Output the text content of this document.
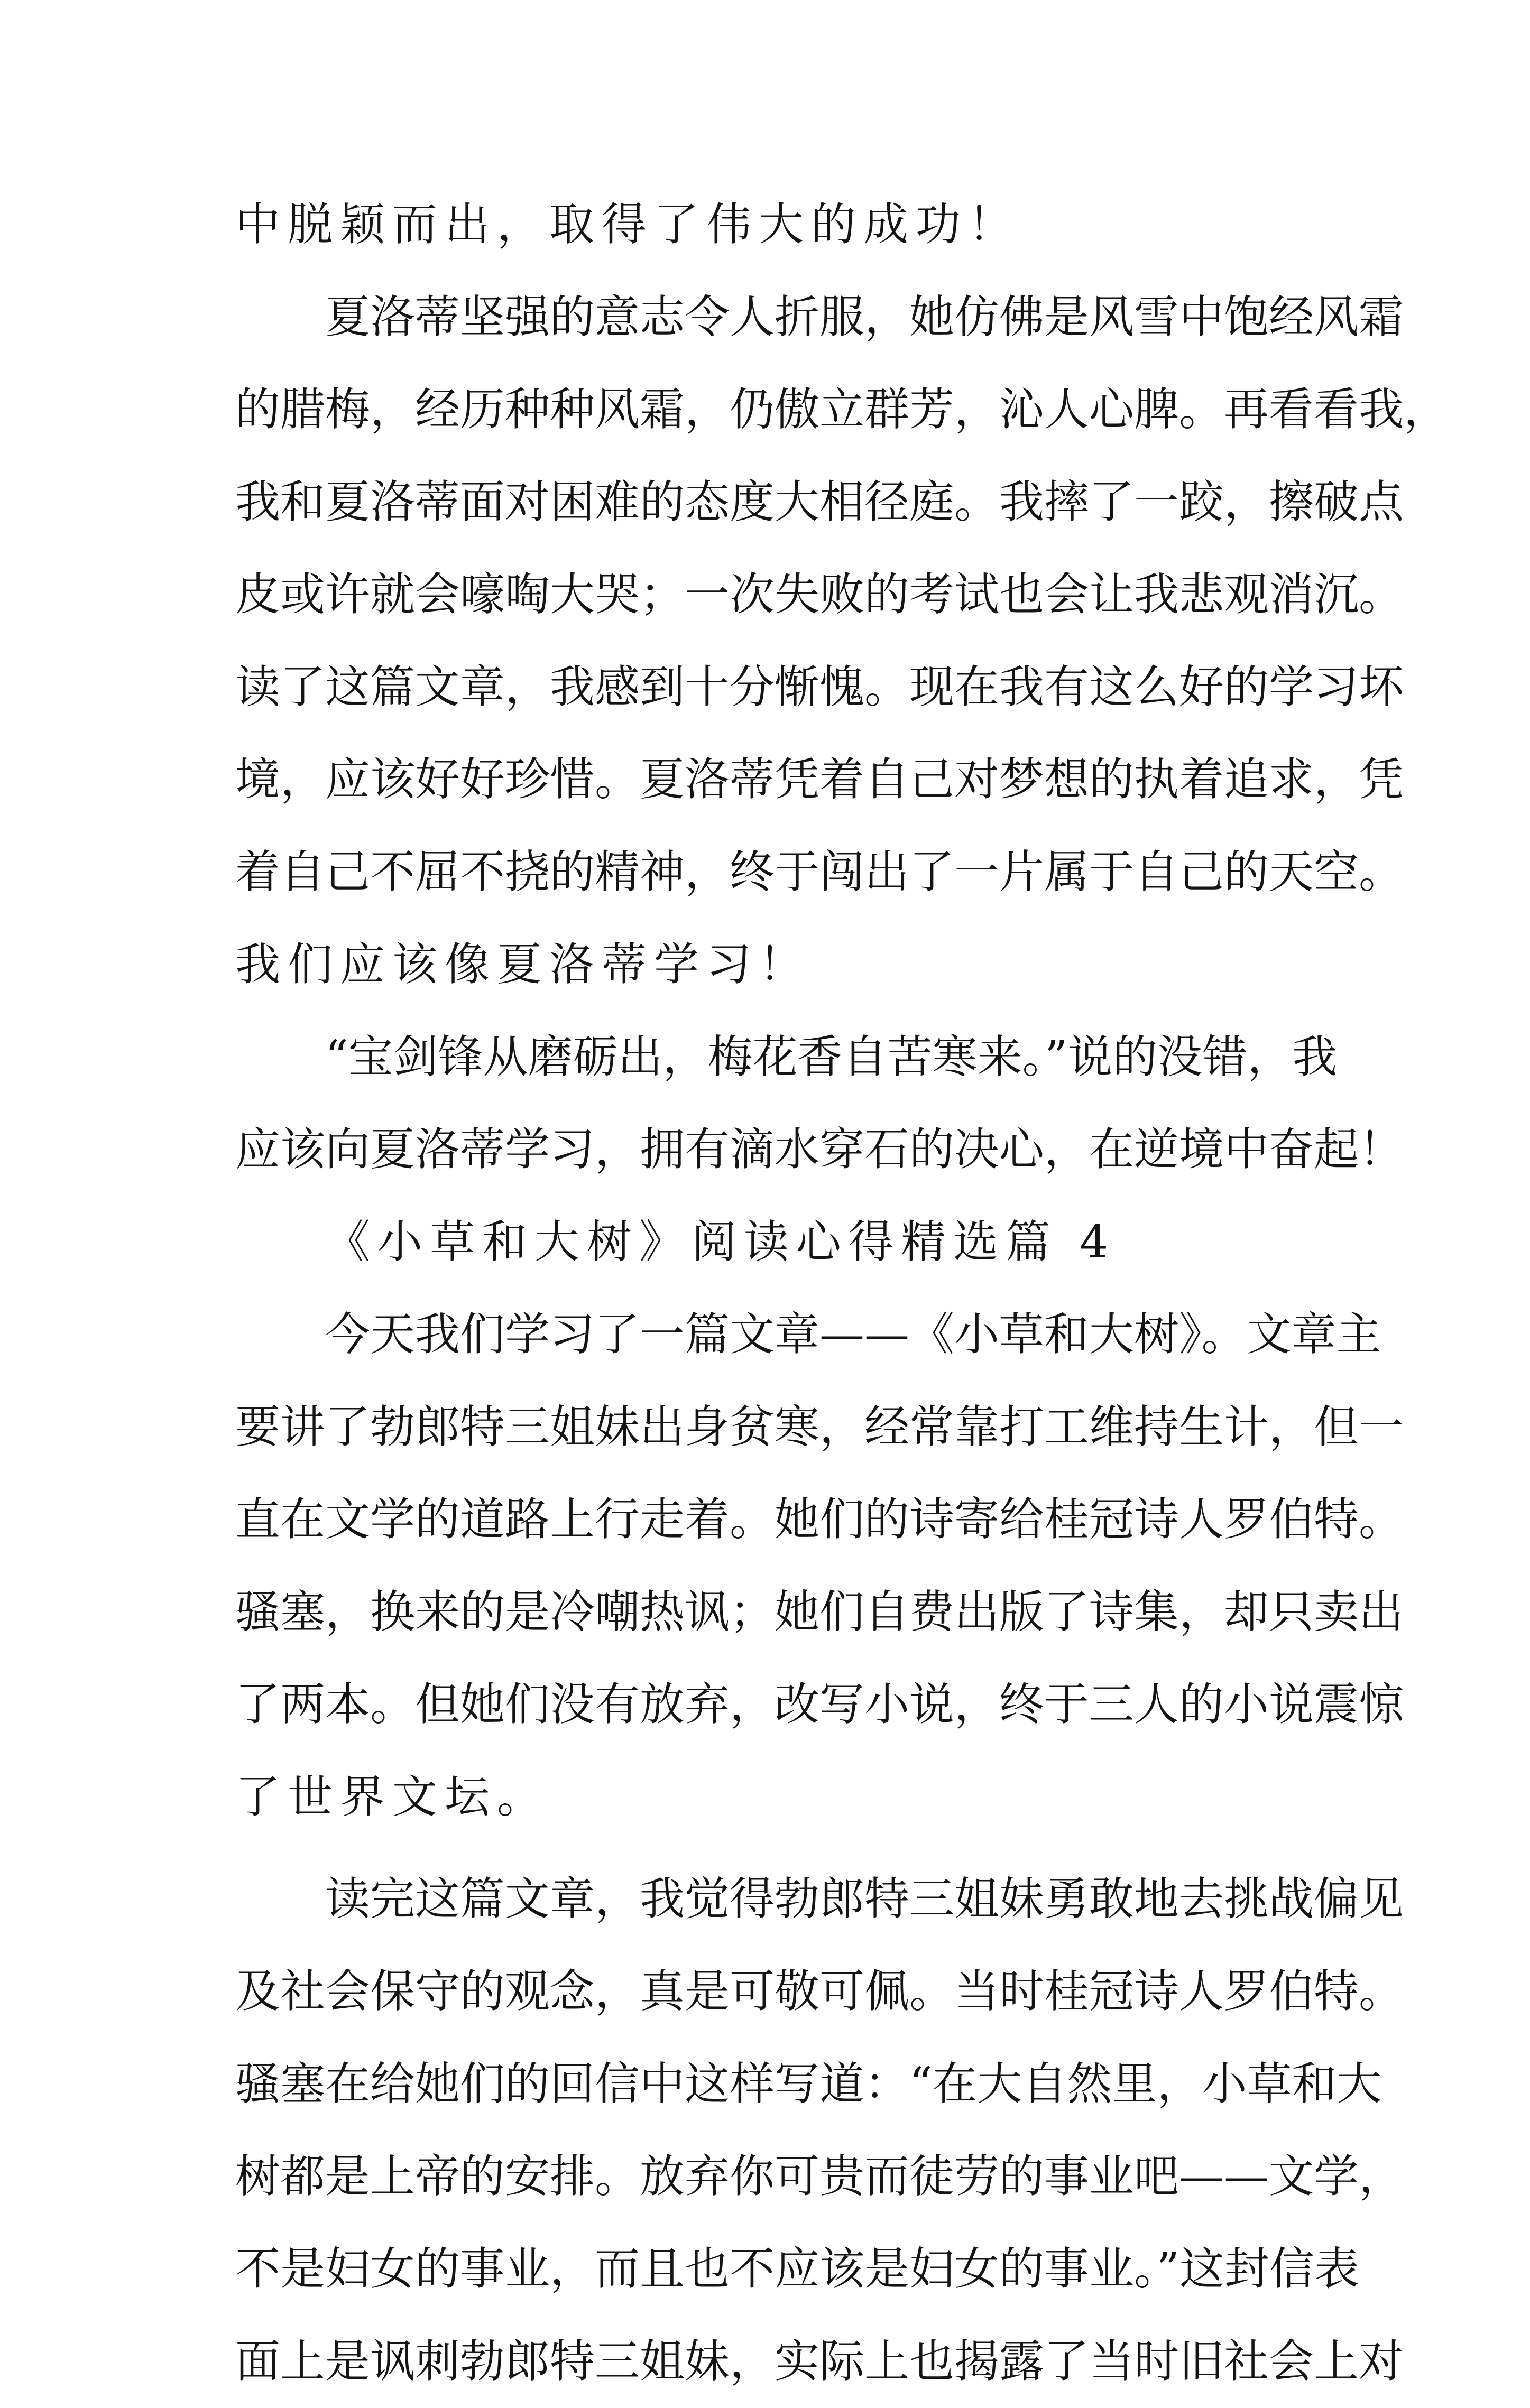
中脱颖而出，取得了伟大的成功！
夏洛蒂坚强的意志令人折服，她仿佛是风雪中饱经风霜
的腊梅，经历种种风霜，仍傲立群芳，沁人心脾。再看看我，
我和夏洛蒂面对困难的态度大相径庭。我摔了一跤，擦破点
皮或许就会嚎啕大哭；一次失败的考试也会让我悲观消沉。
读了这篇文章，我感到十分惭愧。现在我有这么好的学习坏
境，应该好好珍惜。夏洛蒂凭着自己对梦想的执着追求，凭
着自己不屈不挠的精神，终于闯出了一片属于自己的天空。
我们应该像夏洛蒂学习！
“宝剑锋从磨砺出，梅花香自苦寒来。”说的没错，我
应该向夏洛蒂学习，拥有滴水穿石的决心，在逆境中奋起！
《小草和大树》阅读心得精选篇 4
今天我们学习了一篇文章——《小草和大树》。文章主
要讲了勃郎特三姐妹出身贫寒，经常靠打工维持生计，但一
直在文学的道路上行走着。她们的诗寄给桂冠诗人罗伯特。
骚塞，换来的是冷嘲热讽；她们自费出版了诗集，却只卖出
了两本。但她们没有放弃，改写小说，终于三人的小说震惊
了世界文坛。
读完这篇文章，我觉得勃郎特三姐妹勇敢地去挑战偏见
及社会保守的观念，真是可敬可佩。当时桂冠诗人罗伯特。
骚塞在给她们的回信中这样写道：“在大自然里，小草和大
树都是上帝的安排。放弃你可贵而徒劳的事业吧——文学，
不是妇女的事业，而且也不应该是妇女的事业。”这封信表
面上是讽刺勃郎特三姐妹，实际上也揭露了当时旧社会上对
